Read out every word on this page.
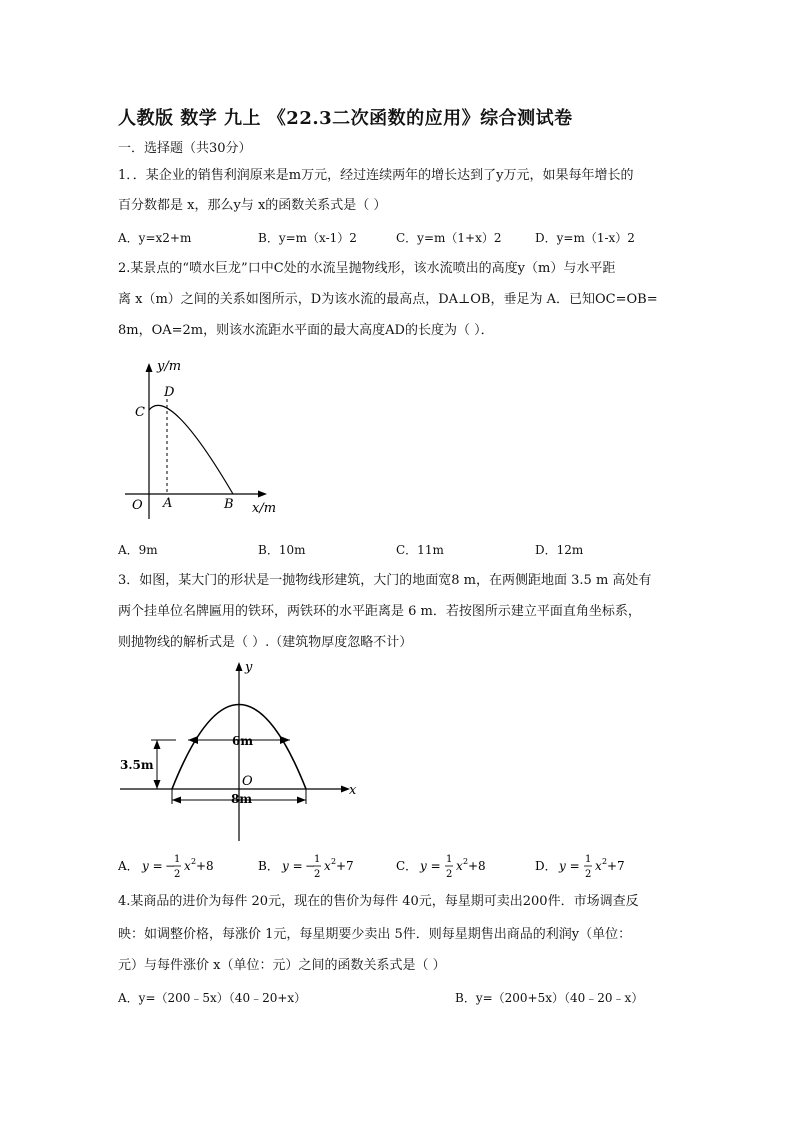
人教版 数学 九上 《22.3二次函数的应用》综合测试卷
一．选择题（共30分）
1．．某企业的销售利润原来是m万元，经过连续两年的增长达到了y万元，如果每年增长的
百分数都是 x，那么y与 x的函数关系式是（ ）
A．y=x2+m	B．y=m（x-1）2	C．y=m（1+x）2	D．y=m（1-x）2
2.某景点的“喷水巨龙”口中C处的水流呈抛物线形，该水流喷出的高度y（m）与水平距
离 x（m）之间的关系如图所示，D为该水流的最高点，DA⊥OB，垂足为 A．已知OC=OB=
8m，OA=2m，则该水流距水平面的最大高度AD的长度为（ ）．
y/m
x/m
O A	B
C
D
A．9m	B．10m	C．11m	D．12m
3．如图，某大门的形状是一抛物线形建筑，大门的地面宽8 m，在两侧距地面 3.5 m 高处有
两个挂单位名牌匾用的铁环，两铁环的水平距离是 6 m．若按图所示建立平面直角坐标系，
则抛物线的解析式是（ ）.（建筑物厚度忽略不计）
y
x
O
6m
8m
3.5m
A． y = −
1
2
x 2 +8	B． y = −
1
2
x 2 +7	C． y = 1
2
x 2 +8	D． y = 1
2
x 2 +7
4.某商品的进价为每件 20元，现在的售价为每件 40元，每星期可卖出200件．市场调查反
映：如调整价格，每涨价 1元，每星期要少卖出 5件．则每星期售出商品的利润y（单位：
元）与每件涨价 x（单位：元）之间的函数关系式是（ ）
A．y=（200﹣5x）（40﹣20+x）	B．y=（200+5x）（40﹣20﹣x）
